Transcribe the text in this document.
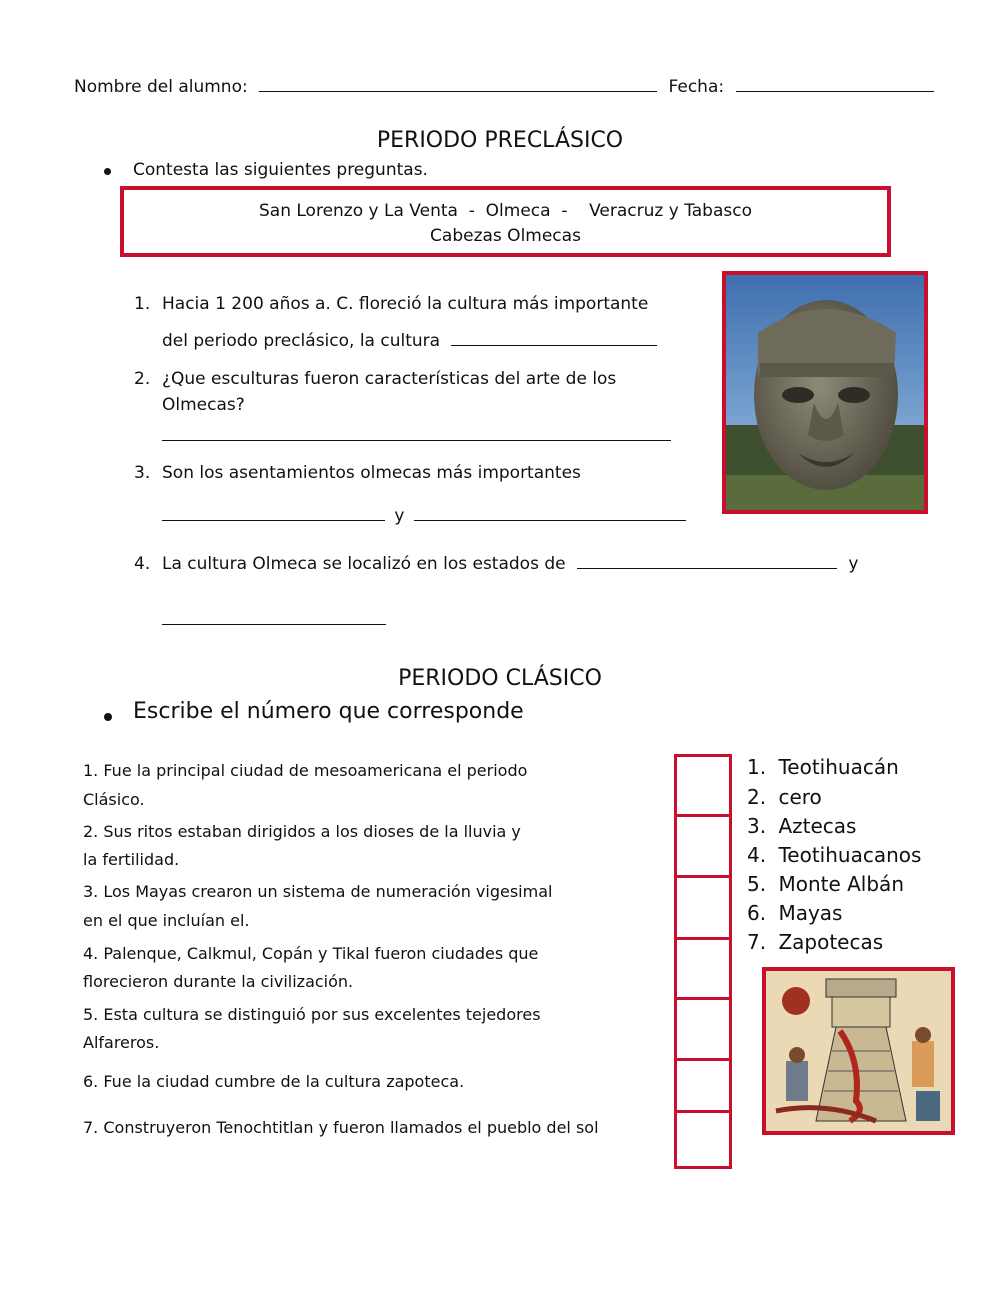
Nombre del alumno:	Fecha:
PERIODO PRECLÁSICO
Contesta las siguientes preguntas.
San Lorenzo y La Venta  -  Olmeca  -    Veracruz y Tabasco
Cabezas Olmecas
1. Hacia 1 200 años a. C. floreció la cultura más importante
del periodo preclásico, la cultura
2. ¿Que esculturas fueron características del arte de los
Olmecas?
3. Son los asentamientos olmecas más importantes
y
4. La cultura Olmeca se localizó en los estados de	y
PERIODO CLÁSICO
Escribe el número que corresponde
1. Fue la principal ciudad de mesoamericana el periodo
Clásico.
2. Sus ritos estaban dirigidos a los dioses de la lluvia y
la fertilidad.
3. Los Mayas crearon un sistema de numeración vigesimal
en el que incluían el.
4. Palenque, Calkmul, Copán y Tikal fueron ciudades que
florecieron durante la civilización.
5. Esta cultura se distinguió por sus excelentes tejedores
Alfareros.
6. Fue la ciudad cumbre de la cultura zapoteca.
7. Construyeron Tenochtitlan y fueron llamados el pueblo del sol
1. Teotihuacán
2. cero
3. Aztecas
4. Teotihuacanos
5. Monte Albán
6. Mayas
7. Zapotecas
